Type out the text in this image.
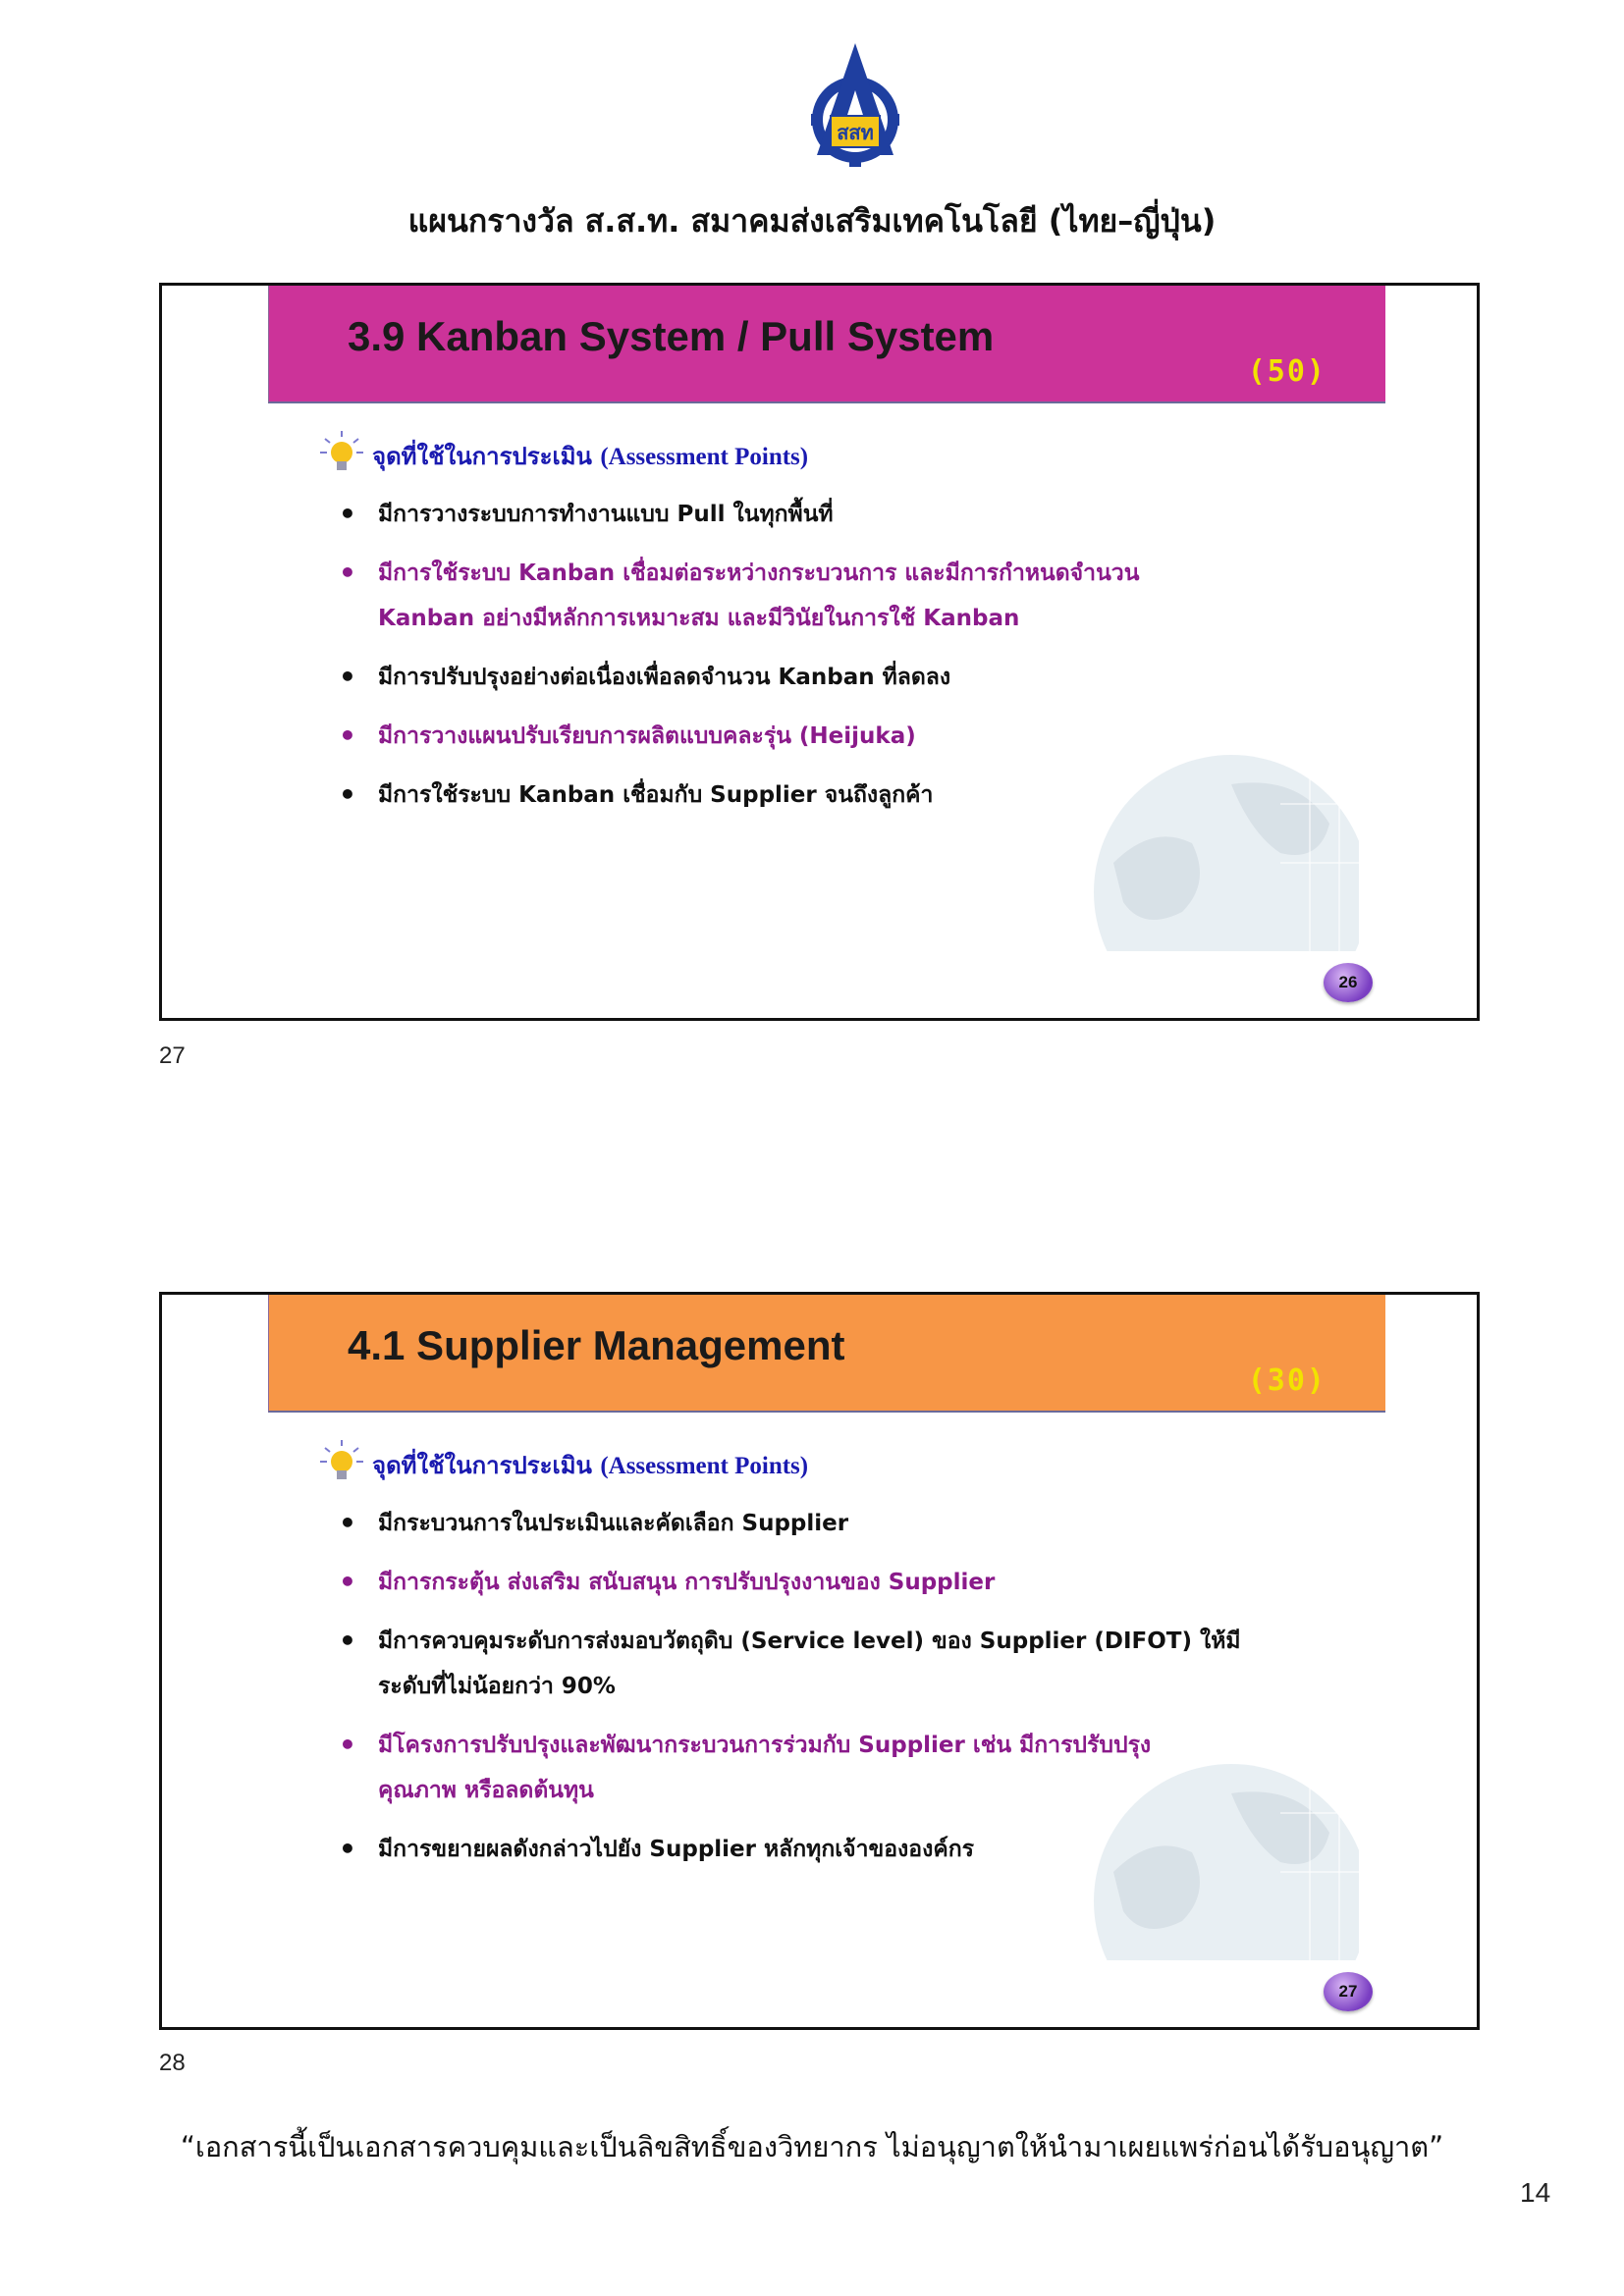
สสท
แผนกรางวัล ส.ส.ท. สมาคมส่งเสริมเทคโนโลยี (ไทย–ญี่ปุ่น)
3.9 Kanban System / Pull System
(50)
จุดที่ใช้ในการประเมิน (Assessment Points)
• มีการวางระบบการทำงานแบบ Pull ในทุกพื้นที่
• มีการใช้ระบบ Kanban เชื่อมต่อระหว่างกระบวนการ และมีการกำหนดจำนวน
Kanban อย่างมีหลักการเหมาะสม และมีวินัยในการใช้ Kanban
• มีการปรับปรุงอย่างต่อเนื่องเพื่อลดจำนวน Kanban ที่ลดลง
• มีการวางแผนปรับเรียบการผลิตแบบคละรุ่น (Heijuka)
• มีการใช้ระบบ Kanban เชื่อมกับ Supplier จนถึงลูกค้า
26
27
4.1 Supplier Management
(30)
จุดที่ใช้ในการประเมิน (Assessment Points)
• มีกระบวนการในประเมินและคัดเลือก Supplier
• มีการกระตุ้น ส่งเสริม สนับสนุน การปรับปรุงงานของ Supplier
• มีการควบคุมระดับการส่งมอบวัตถุดิบ (Service level) ของ Supplier (DIFOT) ให้มี
ระดับที่ไม่น้อยกว่า 90%
• มีโครงการปรับปรุงและพัฒนากระบวนการร่วมกับ Supplier เช่น มีการปรับปรุง
คุณภาพ หรือลดต้นทุน
• มีการขยายผลดังกล่าวไปยัง Supplier หลักทุกเจ้าขององค์กร
27
28
“เอกสารนี้เป็นเอกสารควบคุมและเป็นลิขสิทธิ์ของวิทยากร ไม่อนุญาตให้นำมาเผยแพร่ก่อนได้รับอนุญาต”
14
